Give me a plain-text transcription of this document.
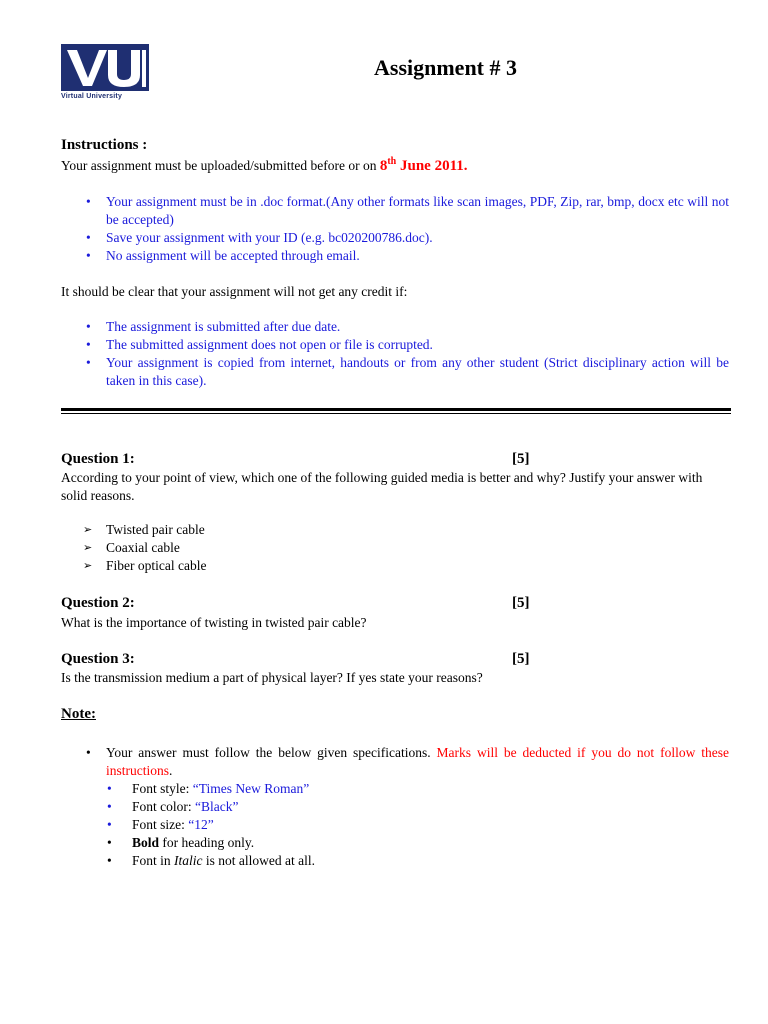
Virtual University
Assignment # 3
Instructions :
Your assignment must be uploaded/submitted before or on 8th June 2011.
• Your assignment must be in .doc format.(Any other formats like scan images, PDF, Zip, rar, bmp, docx etc will not be accepted)
• Save your assignment with your ID (e.g. bc020200786.doc).
• No assignment will be accepted through email.
It should be clear that your assignment will not get any credit if:
• The assignment is submitted after due date.
• The submitted assignment does not open or file is corrupted.
• Your assignment is copied from internet, handouts or from any other student (Strict disciplinary action will be taken in this case).
Question 1:	[5]
According to your point of view, which one of the following guided media is better and why? Justify your answer with solid reasons.
➢ Twisted pair cable
➢ Coaxial cable
➢ Fiber optical cable
Question 2:	[5]
What is the importance of twisting in twisted pair cable?
Question 3:	[5]
Is the transmission medium a part of physical layer? If yes state your reasons?
Note:
• Your answer must follow the below given specifications. Marks will be deducted if you do not follow these instructions.
• Font style: “Times New Roman”
• Font color: “Black”
• Font size: “12”
• Bold for heading only.
• Font in Italic is not allowed at all.
